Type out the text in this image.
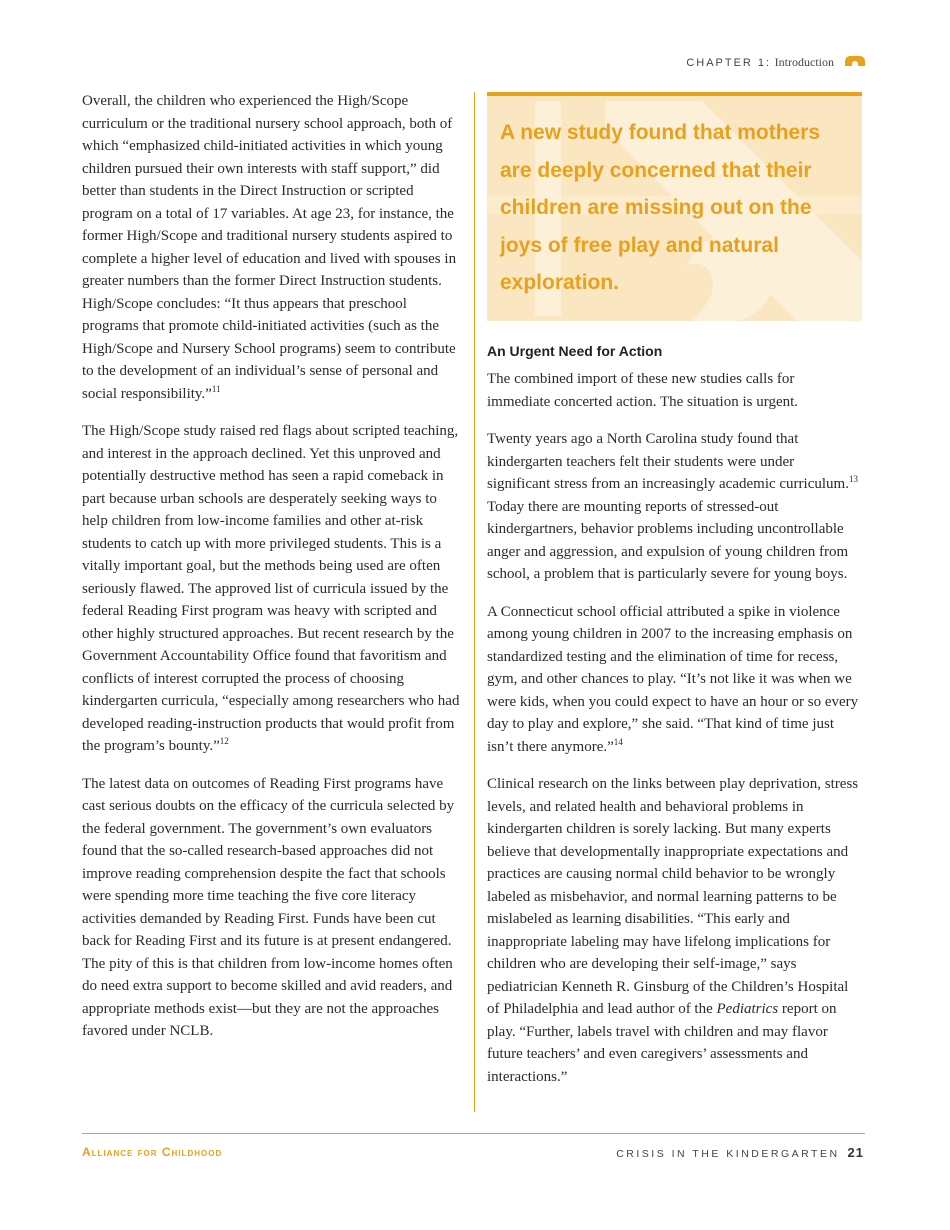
CHAPTER 1: Introduction

Overall, the children who experienced the High/Scope curriculum or the traditional nursery school approach, both of which “emphasized child-initiated activities in which young children pursued their own interests with staff support,” did better than students in the Direct Instruction or scripted program on a total of 17 variables. At age 23, for instance, the former High/Scope and traditional nursery students aspired to complete a higher level of education and lived with spouses in greater numbers than the former Direct Instruction students. High/Scope concludes: “It thus appears that preschool programs that promote child-initiated activities (such as the High/Scope and Nursery School programs) seem to contribute to the development of an individual’s sense of personal and social responsibility.”$^{11}$

The High/Scope study raised red flags about scripted teaching, and interest in the approach declined. Yet this unproved and potentially destructive method has seen a rapid comeback in part because urban schools are desperately seeking ways to help children from low-income families and other at-risk students to catch up with more privileged students. This is a vitally important goal, but the methods being used are often seriously flawed. The approved list of curricula issued by the federal Reading First program was heavy with scripted and other highly structured approaches. But recent research by the Government Accountability Office found that favoritism and conflicts of interest corrupted the process of choosing kindergarten curricula, “especially among researchers who had developed reading-instruction products that would profit from the program’s bounty.”$^{12}$

The latest data on outcomes of Reading First programs have cast serious doubts on the efficacy of the curricula selected by the federal government. The government’s own evaluators found that the so-called research-based approaches did not improve reading comprehension despite the fact that schools were spending more time teaching the five core literacy activities demanded by Reading First. Funds have been cut back for Reading First and its future is at present endangered. The pity of this is that children from low-income homes often do need extra support to become skilled and avid readers, and appropriate methods exist—but they are not the approaches favored under NCLB.

A new study found that mothers are deeply concerned that their children are missing out on the joys of free play and natural exploration.
An Urgent Need for Action

The combined import of these new studies calls for immediate concerted action. The situation is urgent.

Twenty years ago a North Carolina study found that kindergarten teachers felt their students were under significant stress from an increasingly academic curriculum.$^{13}$ Today there are mounting reports of stressed-out kindergartners, behavior problems including uncontrollable anger and aggression, and expulsion of young children from school, a problem that is particularly severe for young boys.

A Connecticut school official attributed a spike in violence among young children in 2007 to the increasing emphasis on standardized testing and the elimination of time for recess, gym, and other chances to play. “It’s not like it was when we were kids, when you could expect to have an hour or so every day to play and explore,” she said. “That kind of time just isn’t there anymore.”$^{14}$

Clinical research on the links between play deprivation, stress levels, and related health and behavioral problems in kindergarten children is sorely lacking. But many experts believe that developmentally inappropriate expectations and practices are causing normal child behavior to be wrongly labeled as misbehavior, and normal learning patterns to be mislabeled as learning disabilities. “This early and inappropriate labeling may have lifelong implications for children who are developing their self-image,” says pediatrician Kenneth R. Ginsburg of the Children’s Hospital of Philadelphia and lead author of the Pediatrics report on play. “Further, labels travel with children and may flavor future teachers’ and even caregivers’ assessments and interactions.”

Alliance for Childhood	CRISIS IN THE KINDERGARTEN 21
